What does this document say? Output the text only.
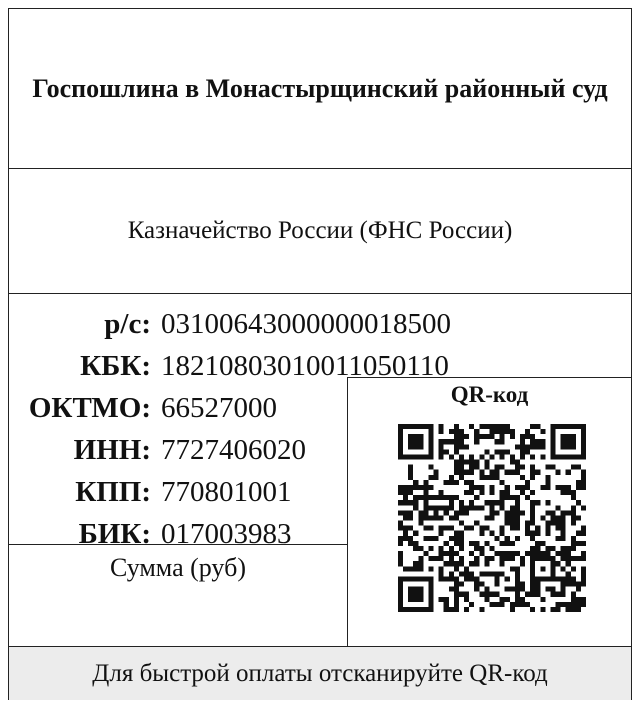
Госпошлина в Монастырщинский районный суд
Казначейство России (ФНС России)
р/с: 03100643000000018500
КБК: 18210803010011050110
ОКТМО: 66527000
ИНН: 7727406020
КПП: 770801001
БИК: 017003983
QR-код
Сумма (руб)
Для быстрой оплаты отсканируйте QR-код
